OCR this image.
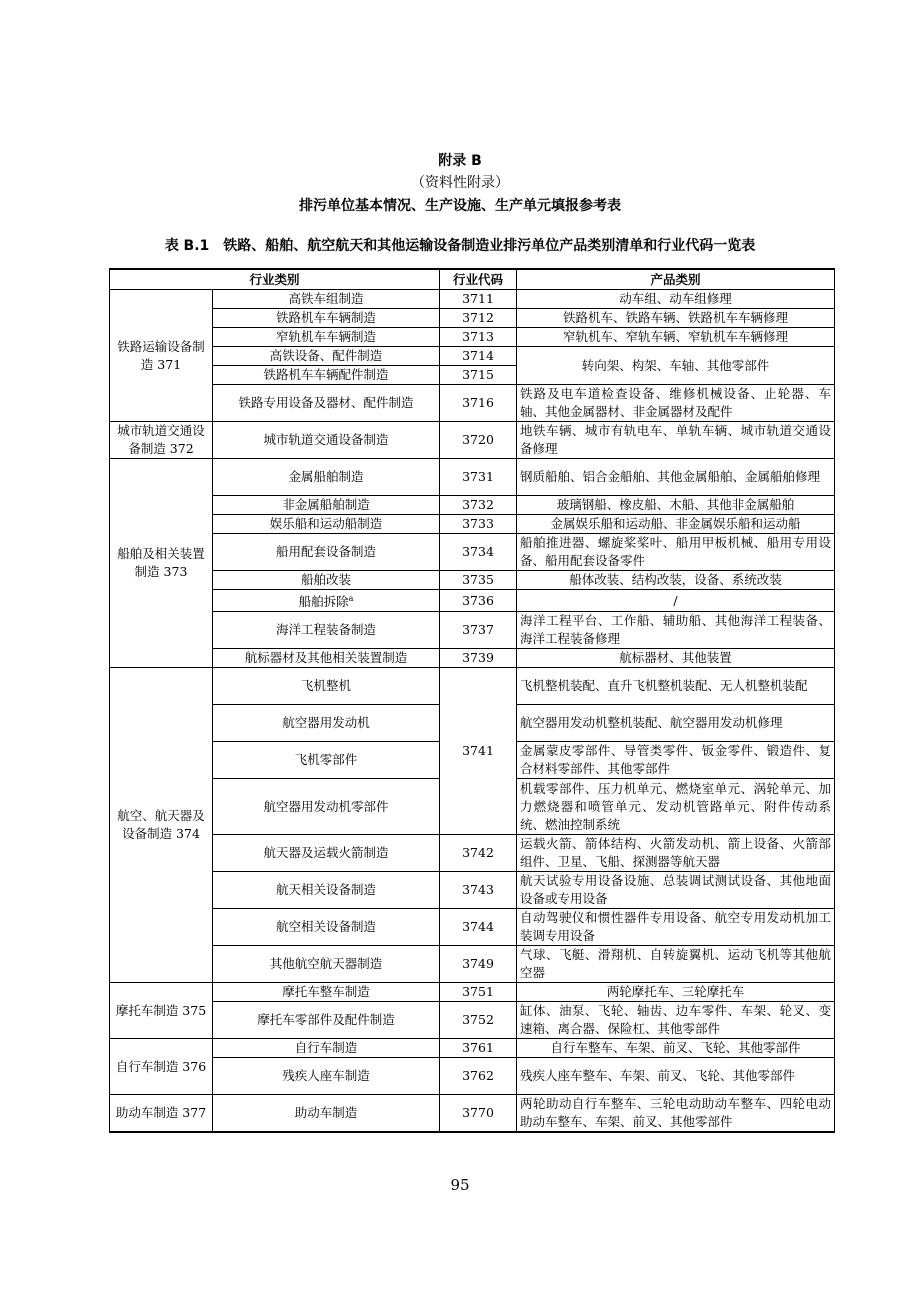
附录 B
（资料性附录）
排污单位基本情况、生产设施、生产单元填报参考表
表 B.1　铁路、船舶、航空航天和其他运输设备制造业排污单位产品类别清单和行业代码一览表
行业类别		行业代码	产品类别
铁路运输设备制造 371	高铁车组制造	3711	动车组、动车组修理
	铁路机车车辆制造	3712	铁路机车、铁路车辆、铁路机车车辆修理
	窄轨机车车辆制造	3713	窄轨机车、窄轨车辆、窄轨机车车辆修理
	高铁设备、配件制造	3714	转向架、构架、车轴、其他零部件
	铁路机车车辆配件制造	3715	
	铁路专用设备及器材、配件制造	3716	铁路及电车道检查设备、维修机械设备、止轮器、车轴、其他金属器材、非金属器材及配件
城市轨道交通设备制造 372	城市轨道交通设备制造	3720	地铁车辆、城市有轨电车、单轨车辆、城市轨道交通设备修理
船舶及相关装置制造 373	金属船舶制造	3731	钢质船舶、铝合金船舶、其他金属船舶、金属船舶修理
	非金属船舶制造	3732	玻璃钢船、橡皮船、木船、其他非金属船舶
	娱乐船和运动船制造	3733	金属娱乐船和运动船、非金属娱乐船和运动船
	船用配套设备制造	3734	船舶推进器、螺旋桨桨叶、船用甲板机械、船用专用设备、船用配套设备零件
	船舶改装	3735	船体改装、结构改装，设备、系统改装
	船舶拆除$^a$	3736	/
	海洋工程装备制造	3737	海洋工程平台、工作船、辅助船、其他海洋工程装备、海洋工程装备修理
	航标器材及其他相关装置制造	3739	航标器材、其他装置
航空、航天器及设备制造 374	飞机整机	3741	飞机整机装配、直升飞机整机装配、无人机整机装配
	航空器用发动机		航空器用发动机整机装配、航空器用发动机修理
	飞机零部件		金属蒙皮零部件、导管类零件、钣金零件、锻造件、复合材料零部件、其他零部件
	航空器用发动机零部件		机载零部件、压力机单元、燃烧室单元、涡轮单元、加力燃烧器和喷管单元、发动机管路单元、附件传动系统、燃油控制系统
	航天器及运载火箭制造	3742	运载火箭、箭体结构、火箭发动机、箭上设备、火箭部组件、卫星、飞船、探测器等航天器
	航天相关设备制造	3743	航天试验专用设备设施、总装调试测试设备、其他地面设备或专用设备
	航空相关设备制造	3744	自动驾驶仪和惯性器件专用设备、航空专用发动机加工装调专用设备
	其他航空航天器制造	3749	气球、飞艇、滑翔机、自转旋翼机、运动飞机等其他航空器
摩托车制造 375	摩托车整车制造	3751	两轮摩托车、三轮摩托车
	摩托车零部件及配件制造	3752	缸体、油泵、飞轮、轴齿、边车零件、车架、轮叉、变速箱、离合器、保险杠、其他零部件
自行车制造 376	自行车制造	3761	自行车整车、车架、前叉、飞轮、其他零部件
	残疾人座车制造	3762	残疾人座车整车、车架、前叉、飞轮、其他零部件
助动车制造 377	助动车制造	3770	两轮助动自行车整车、三轮电动助动车整车、四轮电动助动车整车、车架、前叉、其他零部件
95
